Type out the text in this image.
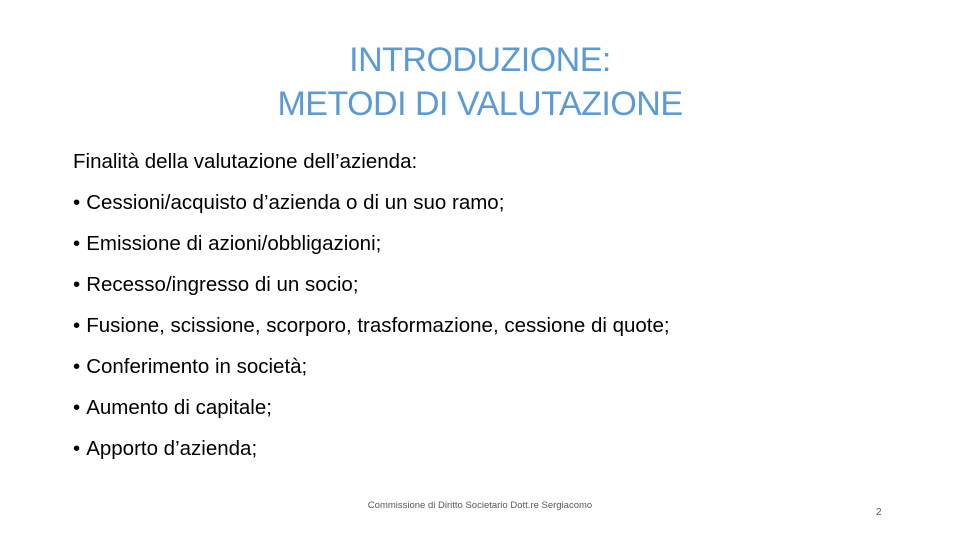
INTRODUZIONE:
METODI DI VALUTAZIONE
Finalità della valutazione dell’azienda:
• Cessioni/acquisto d’azienda o di un suo ramo;
• Emissione di azioni/obbligazioni;
• Recesso/ingresso di un socio;
• Fusione, scissione, scorporo, trasformazione, cessione di quote;
• Conferimento in società;
• Aumento di capitale;
• Apporto d’azienda;
Commissione di Diritto Societario Dott.re Sergiacomo
2
